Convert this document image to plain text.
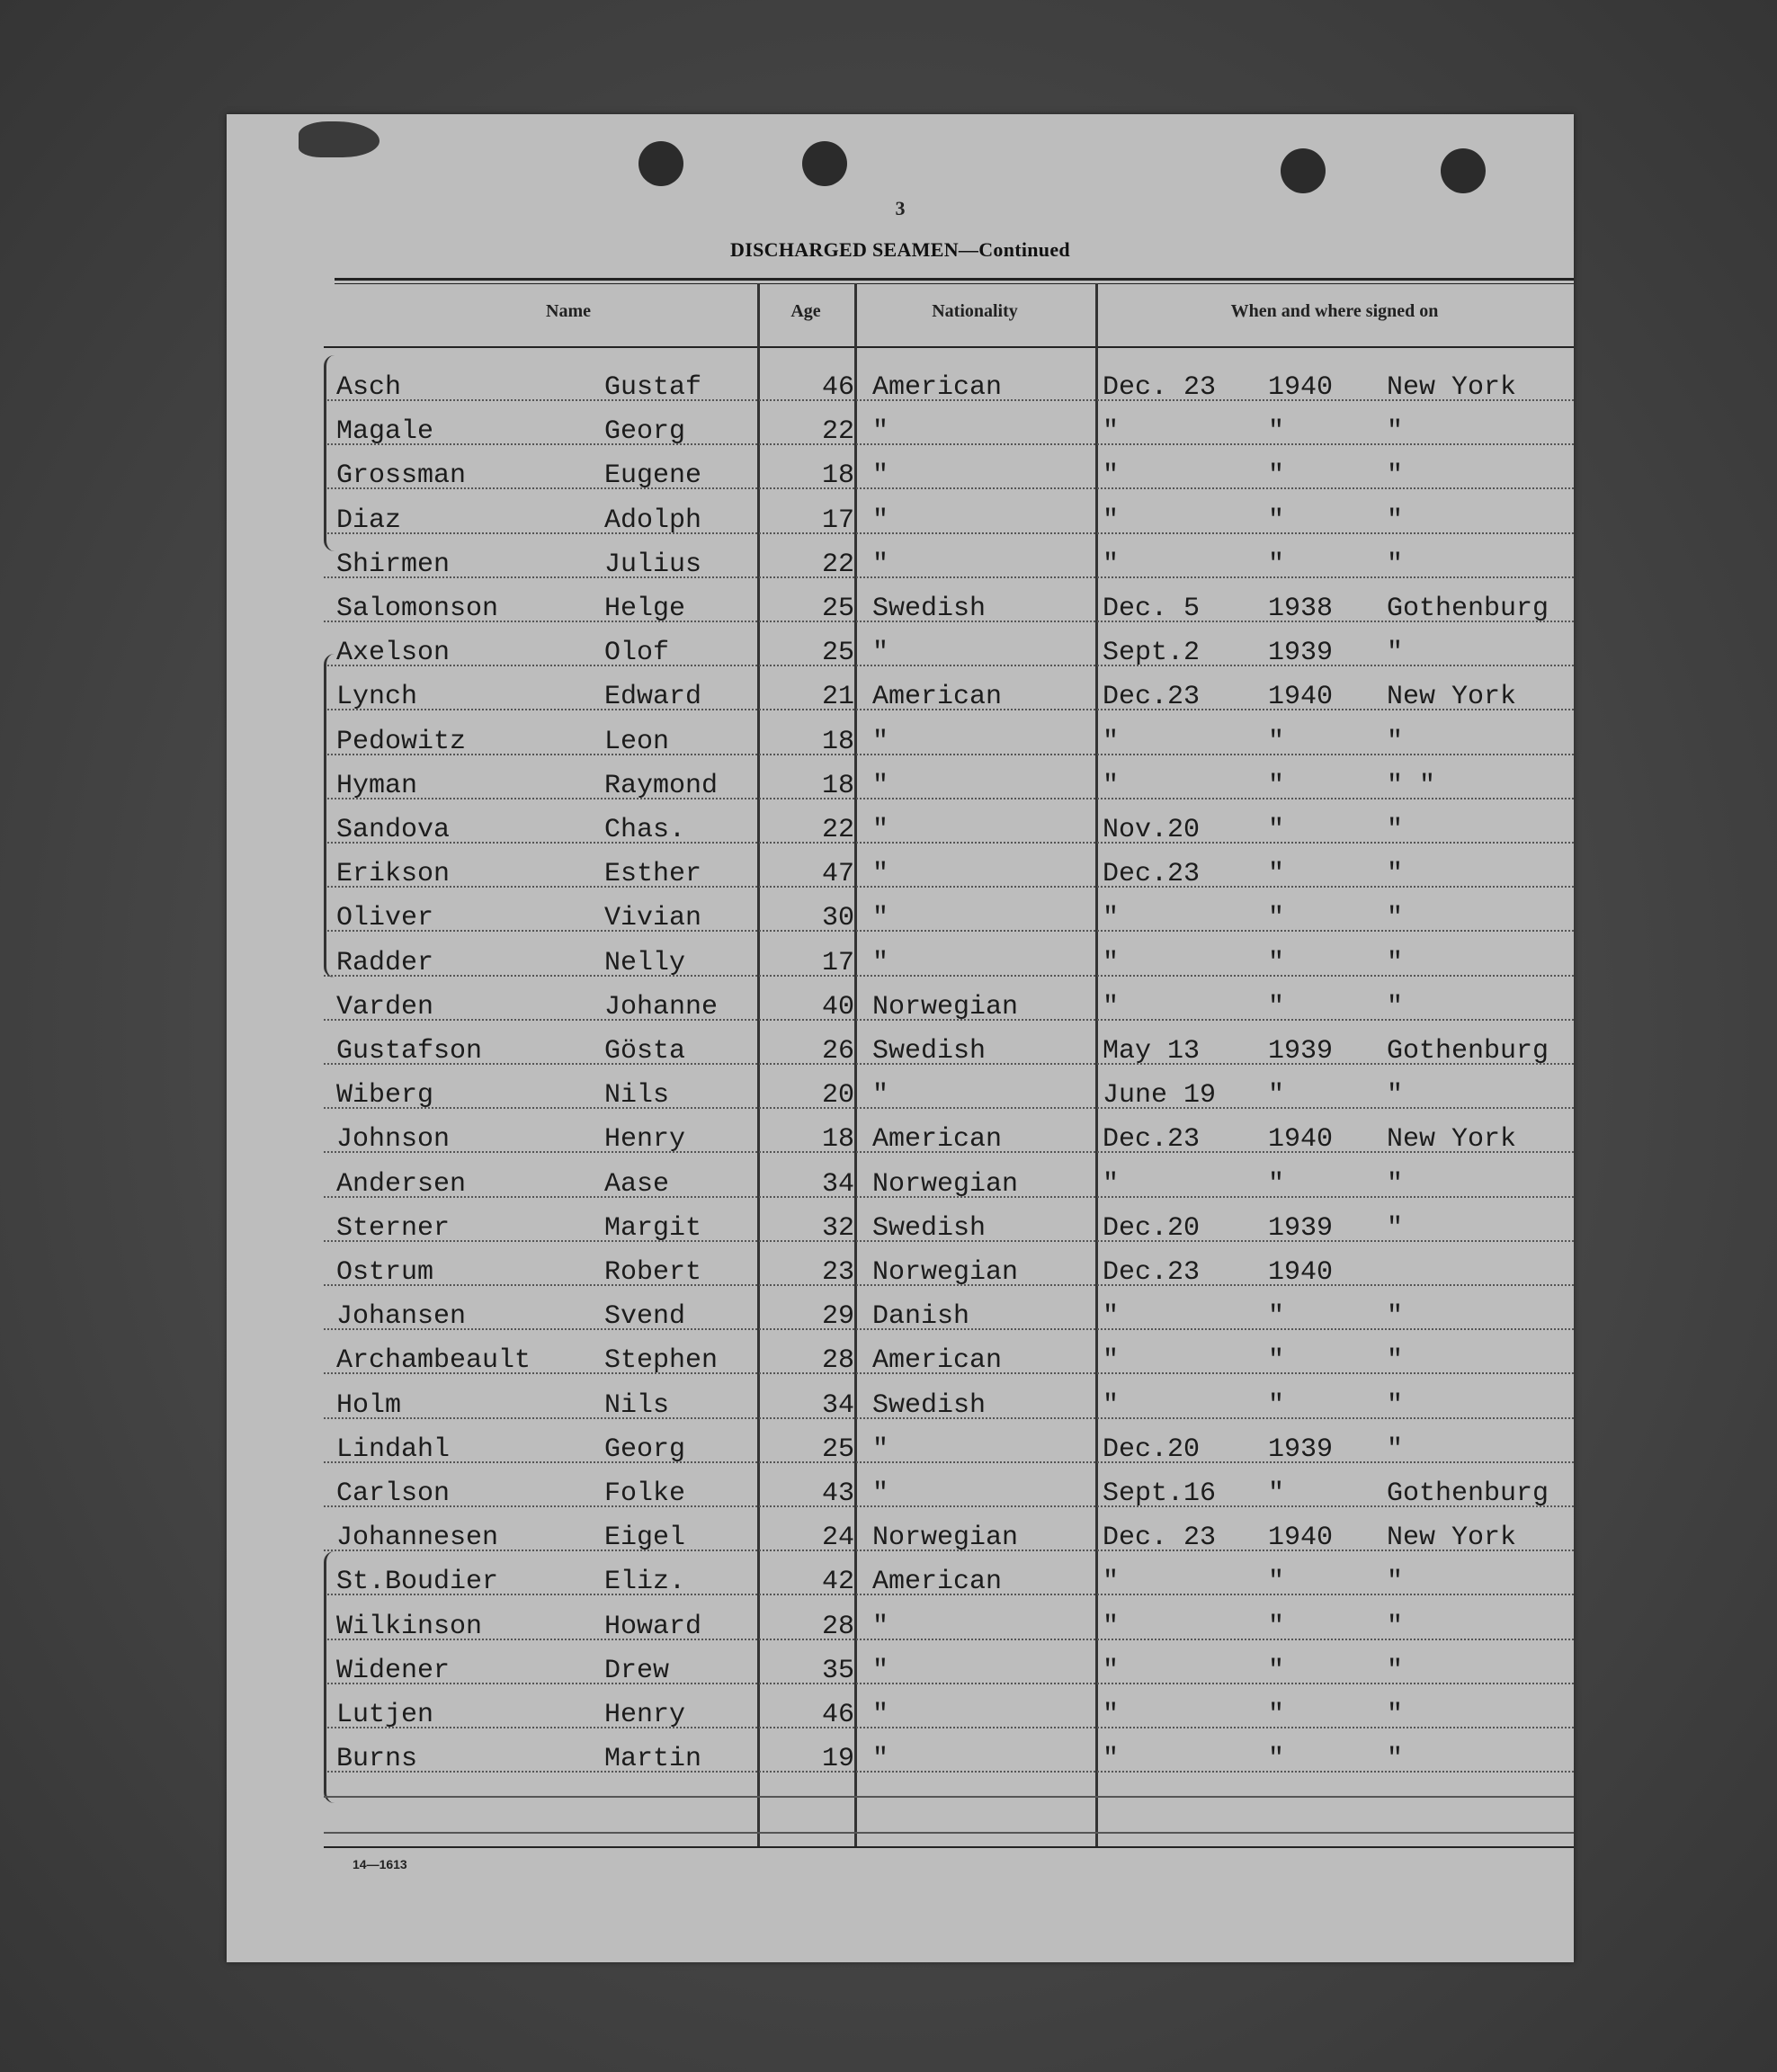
3
DISCHARGED SEAMEN—Continued
Name	Age	Nationality	When and where signed on
Asch	Gustaf	46 American	Dec. 23 1940 New York
Magale	Georg	22 "	"	"	"
Grossman	Eugene	18 "	"	"	"
Diaz	Adolph	17 "	"	"	"
Shirmen	Julius	22 "	"	"	"
Salomonson	Helge	25 Swedish	Dec. 5	1938 Gothenburg
Axelson	Olof	25 "	Sept.2	1939 "
Lynch	Edward	21 American	Dec.23	1940 New York
Pedowitz	Leon	18 "	"	"	"
Hyman	Raymond	18 "	"	"	" "
Sandova	Chas.	22 "	Nov.20	"	"
Erikson	Esther	47 "	Dec.23	"	"
Oliver	Vivian	30 "	"	"	"
Radder	Nelly	17 "	"	"	"
Varden	Johanne	40 Norwegian	"	"	"
Gustafson	Gösta	26 Swedish	May 13	1939 Gothenburg
Wiberg	Nils	20 "	June 19 "	"
Johnson	Henry	18 American	Dec.23	1940 New York
Andersen	Aase	34 Norwegian	"	"	"
Sterner	Margit	32 Swedish	Dec.20	1939 "
Ostrum	Robert	23 Norwegian	Dec.23	1940
Johansen	Svend	29 Danish	"	"	"
Archambeault	Stephen	28 American	"	"	"
Holm	Nils	34 Swedish	"	"	"
Lindahl	Georg	25 "	Dec.20	1939 "
Carlson	Folke	43 "	Sept.16 "	Gothenburg
Johannesen	Eigel	24 Norwegian	Dec. 23 1940 New York
St.Boudier	Eliz.	42 American	"	"	"
Wilkinson	Howard	28 "	"	"	"
Widener	Drew	35 "	"	"	"
Lutjen	Henry	46 "	"	"	"
Burns	Martin	19 "	"	"	"
14—1613
